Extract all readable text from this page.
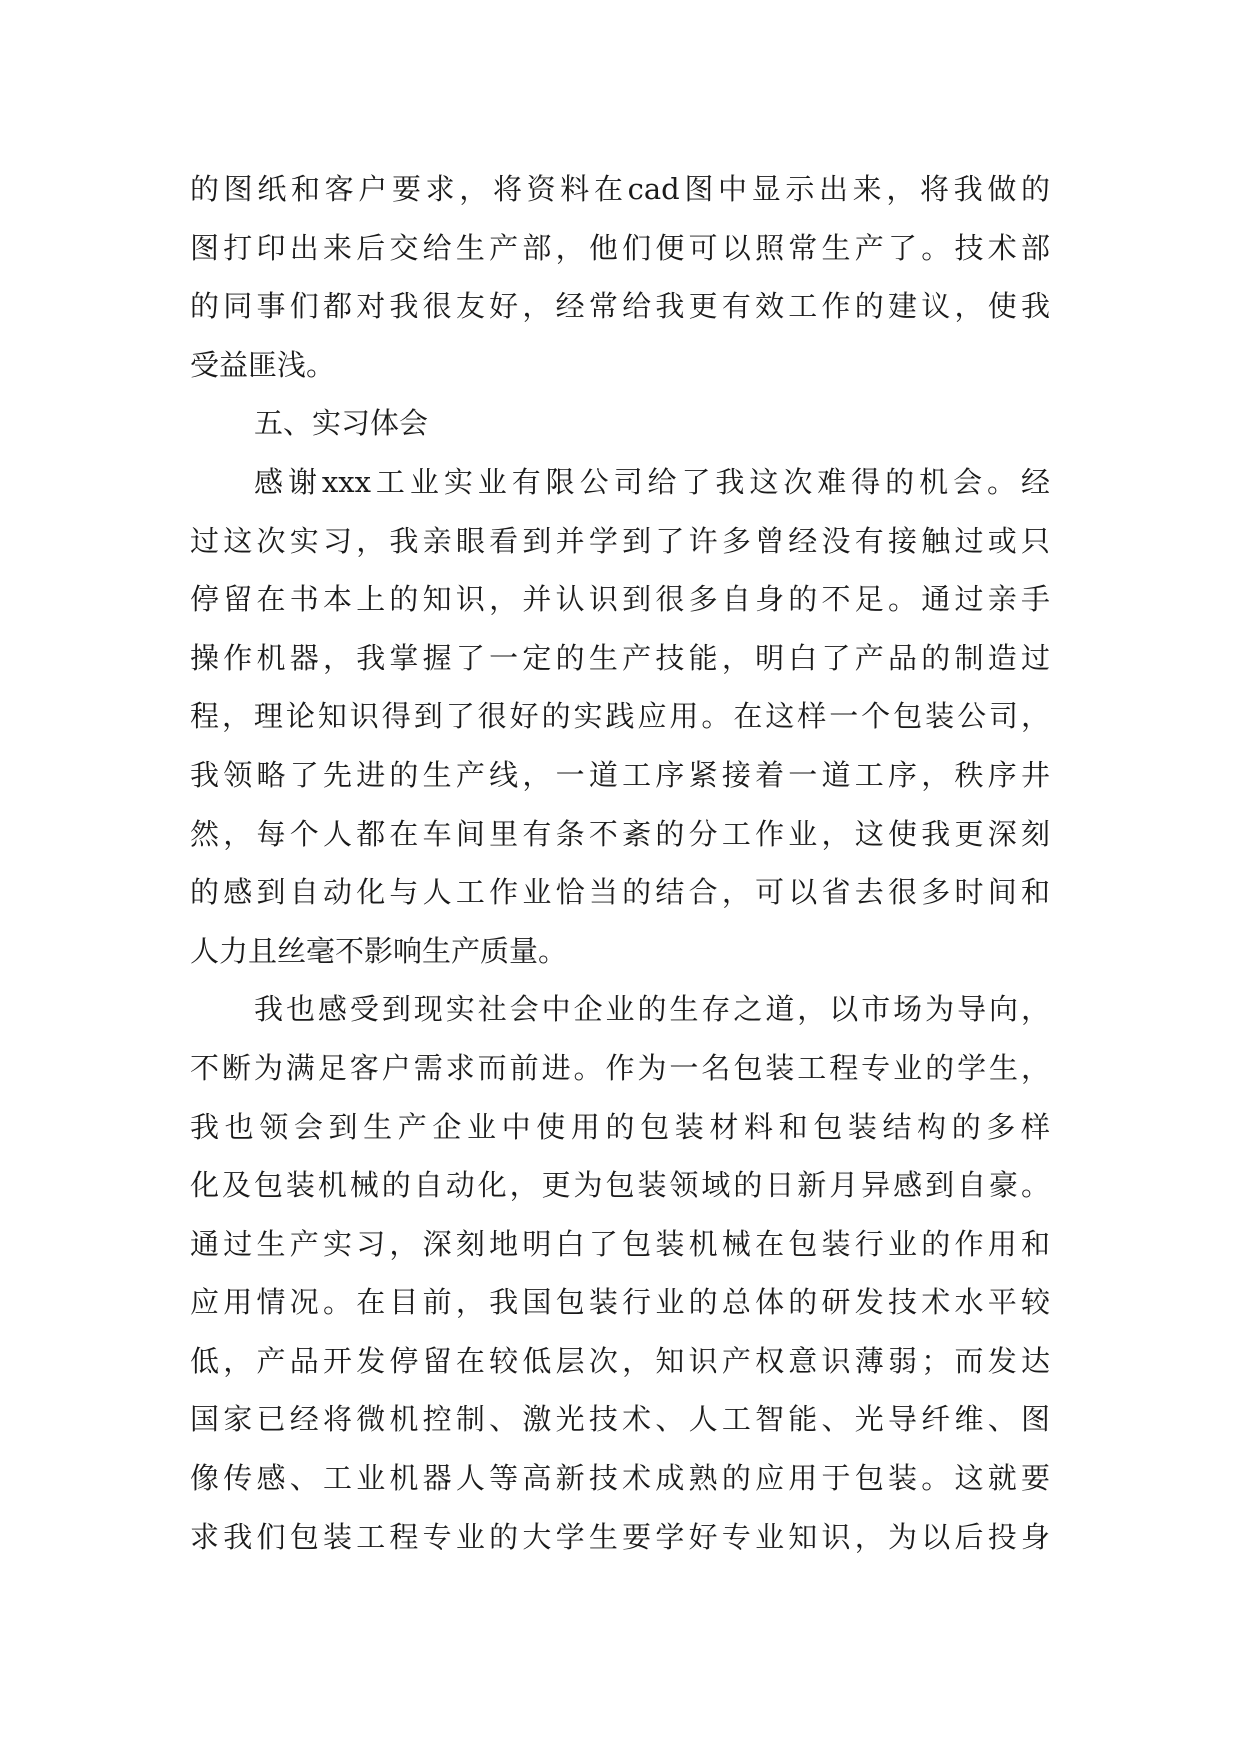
的图纸和客户要求，将资料在cad图中显示出来，将我做的
图打印出来后交给生产部，他们便可以照常生产了。技术部
的同事们都对我很友好，经常给我更有效工作的建议，使我
受益匪浅。
五、实习体会
感谢xxx工业实业有限公司给了我这次难得的机会。经
过这次实习，我亲眼看到并学到了许多曾经没有接触过或只
停留在书本上的知识，并认识到很多自身的不足。通过亲手
操作机器，我掌握了一定的生产技能，明白了产品的制造过
程，理论知识得到了很好的实践应用。在这样一个包装公司，
我领略了先进的生产线，一道工序紧接着一道工序，秩序井
然，每个人都在车间里有条不紊的分工作业，这使我更深刻
的感到自动化与人工作业恰当的结合，可以省去很多时间和
人力且丝毫不影响生产质量。
我也感受到现实社会中企业的生存之道，以市场为导向，
不断为满足客户需求而前进。作为一名包装工程专业的学生，
我也领会到生产企业中使用的包装材料和包装结构的多样
化及包装机械的自动化，更为包装领域的日新月异感到自豪。
通过生产实习，深刻地明白了包装机械在包装行业的作用和
应用情况。在目前，我国包装行业的总体的研发技术水平较
低，产品开发停留在较低层次，知识产权意识薄弱；而发达
国家已经将微机控制、激光技术、人工智能、光导纤维、图
像传感、工业机器人等高新技术成熟的应用于包装。这就要
求我们包装工程专业的大学生要学好专业知识，为以后投身
